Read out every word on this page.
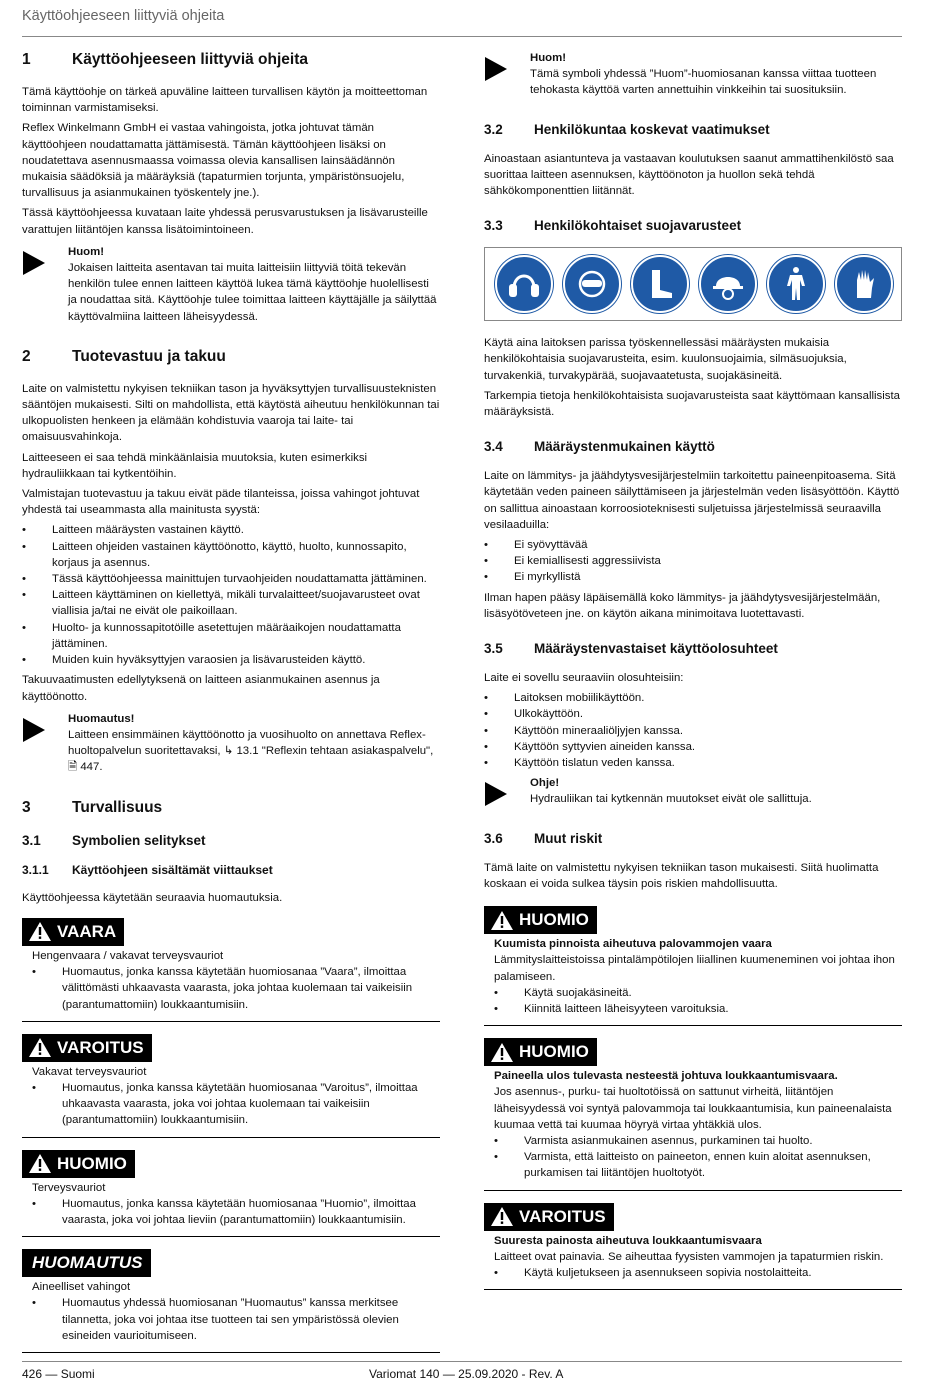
Käyttöohjeeseen liittyviä ohjeita
1	Käyttöohjeeseen liittyviä ohjeita

Tämä käyttöohje on tärkeä apuväline laitteen turvallisen käytön ja moitteettoman toiminnan varmistamiseksi.

Reflex Winkelmann GmbH ei vastaa vahingoista, jotka johtuvat tämän käyttöohjeen noudattamatta jättämisestä. Tämän käyttöohjeen lisäksi on noudatettava asennusmaassa voimassa olevia kansallisen lainsäädännön mukaisia säädöksiä ja määräyksiä (tapaturmien torjunta, ympäristönsuojelu, turvallisuus ja asianmukainen työskentely jne.).

Tässä käyttöohjeessa kuvataan laite yhdessä perusvarustuksen ja lisävarusteille varattujen liitäntöjen kanssa lisätoimintoineen.

Huom!
Jokaisen laitteita asentavan tai muita laitteisiin liittyviä töitä tekevän henkilön tulee ennen laitteen käyttöä lukea tämä käyttöohje huolellisesti ja noudattaa sitä. Käyttöohje tulee toimittaa laitteen käyttäjälle ja säilyttää käyttövalmiina laitteen läheisyydessä.
2	Tuotevastuu ja takuu

Laite on valmistettu nykyisen tekniikan tason ja hyväksyttyjen turvallisuusteknisten sääntöjen mukaisesti. Silti on mahdollista, että käytöstä aiheutuu henkilökunnan tai ulkopuolisten henkeen ja elämään kohdistuvia vaaroja tai laite- tai omaisuusvahinkoja.

Laitteeseen ei saa tehdä minkäänlaisia muutoksia, kuten esimerkiksi hydrauliikkaan tai kytkentöihin.

Valmistajan tuotevastuu ja takuu eivät päde tilanteissa, joissa vahingot johtuvat yhdestä tai useammasta alla mainitusta syystä:

• Laitteen määräysten vastainen käyttö.
• Laitteen ohjeiden vastainen käyttöönotto, käyttö, huolto, kunnossapito, korjaus ja asennus.
• Tässä käyttöohjeessa mainittujen turvaohjeiden noudattamatta jättäminen.
• Laitteen käyttäminen on kiellettyä, mikäli turvalaitteet/suojavarusteet ovat viallisia ja/tai ne eivät ole paikoillaan.
• Huolto- ja kunnossapitotöille asetettujen määräaikojen noudattamatta jättäminen.
• Muiden kuin hyväksyttyjen varaosien ja lisävarusteiden käyttö.

Takuuvaatimusten edellytyksenä on laitteen asianmukainen asennus ja käyttöönotto.

Huomautus!
Laitteen ensimmäinen käyttöönotto ja vuosihuolto on annettava Reflex-huoltopalvelun suoritettavaksi, ↳ 13.1 "Reflexin tehtaan asiakaspalvelu", 🗎 447.
3	Turvallisuus
3.1	Symbolien selitykset
3.1.1	Käyttöohjeen sisältämät viittaukset

Käyttöohjeessa käytetään seuraavia huomautuksia.

VAARA
Hengenvaara / vakavat terveysvauriot
• Huomautus, jonka kanssa käytetään huomiosanaa ”Vaara”, ilmoittaa välittömästi uhkaavasta vaarasta, joka johtaa kuolemaan tai vaikeisiin (parantumattomiin) loukkaantumisiin.
VAROITUS
Vakavat terveysvauriot
• Huomautus, jonka kanssa käytetään huomiosanaa ”Varoitus”, ilmoittaa uhkaavasta vaarasta, joka voi johtaa kuolemaan tai vaikeisiin (parantumattomiin) loukkaantumisiin.
HUOMIO
Terveysvauriot
• Huomautus, jonka kanssa käytetään huomiosanaa ”Huomio”, ilmoittaa vaarasta, joka voi johtaa lieviin (parantumattomiin) loukkaantumisiin.
HUOMAUTUS
Aineelliset vahingot
• Huomautus yhdessä huomiosanan ”Huomautus” kanssa merkitsee tilannetta, joka voi johtaa itse tuotteen tai sen ympäristössä olevien esineiden vaurioitumiseen.
Huom!
Tämä symboli yhdessä ”Huom”-huomiosanan kanssa viittaa tuotteen tehokasta käyttöä varten annettuihin vinkkeihin tai suosituksiin.
3.2	Henkilökuntaa koskevat vaatimukset

Ainoastaan asiantunteva ja vastaavan koulutuksen saanut ammattihenkilöstö saa suorittaa laitteen asennuksen, käyttöönoton ja huollon sekä tehdä sähkökomponenttien liitännät.

3.3	Henkilökohtaiset suojavarusteet

Käytä aina laitoksen parissa työskennellessäsi määräysten mukaisia henkilökohtaisia suojavarusteita, esim. kuulonsuojaimia, silmäsuojuksia, turvakenkiä, turvakypärää, suojavaatetusta, suojakäsineitä.

Tarkempia tietoja henkilökohtaisista suojavarusteista saat käyttömaan kansallisista määräyksistä.

3.4	Määräystenmukainen käyttö

Laite on lämmitys- ja jäähdytysvesijärjestelmiin tarkoitettu paineenpitoasema. Sitä käytetään veden paineen säilyttämiseen ja järjestelmän veden lisäsyöttöön. Käyttö on sallittua ainoastaan korroosioteknisesti suljetuissa järjestelmissä seuraavilla vesilaaduilla:

• Ei syövyttävää
• Ei kemiallisesti aggressiivista
• Ei myrkyllistä

Ilman hapen pääsy läpäisemällä koko lämmitys- ja jäähdytysvesijärjestelmään, lisäsyötöveteen jne. on käytön aikana minimoitava luotettavasti.

3.5	Määräystenvastaiset käyttöolosuhteet

Laite ei sovellu seuraaviin olosuhteisiin:

• Laitoksen mobiilikäyttöön.
• Ulkokäyttöön.
• Käyttöön mineraaliöljyjen kanssa.
• Käyttöön syttyvien aineiden kanssa.
• Käyttöön tislatun veden kanssa.
Ohje!
Hydrauliikan tai kytkennän muutokset eivät ole sallittuja.
3.6	Muut riskit

Tämä laite on valmistettu nykyisen tekniikan tason mukaisesti. Siitä huolimatta koskaan ei voida sulkea täysin pois riskien mahdollisuutta.

HUOMIO
Kuumista pinnoista aiheutuva palovammojen vaara
Lämmityslaitteistoissa pintalämpötilojen liiallinen kuumeneminen voi johtaa ihon palamiseen.
• Käytä suojakäsineitä.
• Kiinnitä laitteen läheisyyteen varoituksia.
HUOMIO
Paineella ulos tulevasta nesteestä johtuva loukkaantumisvaara.
Jos asennus-, purku- tai huoltotöissä on sattunut virheitä, liitäntöjen läheisyydessä voi syntyä palovammoja tai loukkaantumisia, kun paineenalaista kuumaa vettä tai kuumaa höyryä virtaa yhtäkkiä ulos.
• Varmista asianmukainen asennus, purkaminen tai huolto.
• Varmista, että laitteisto on paineeton, ennen kuin aloitat asennuksen, purkamisen tai liitäntöjen huoltotyöt.
VAROITUS
Suuresta painosta aiheutuva loukkaantumisvaara
Laitteet ovat painavia. Se aiheuttaa fyysisten vammojen ja tapaturmien riskin.
• Käytä kuljetukseen ja asennukseen sopivia nostolaitteita.
426 — Suomi	Variomat 140 — 25.09.2020 - Rev. A
